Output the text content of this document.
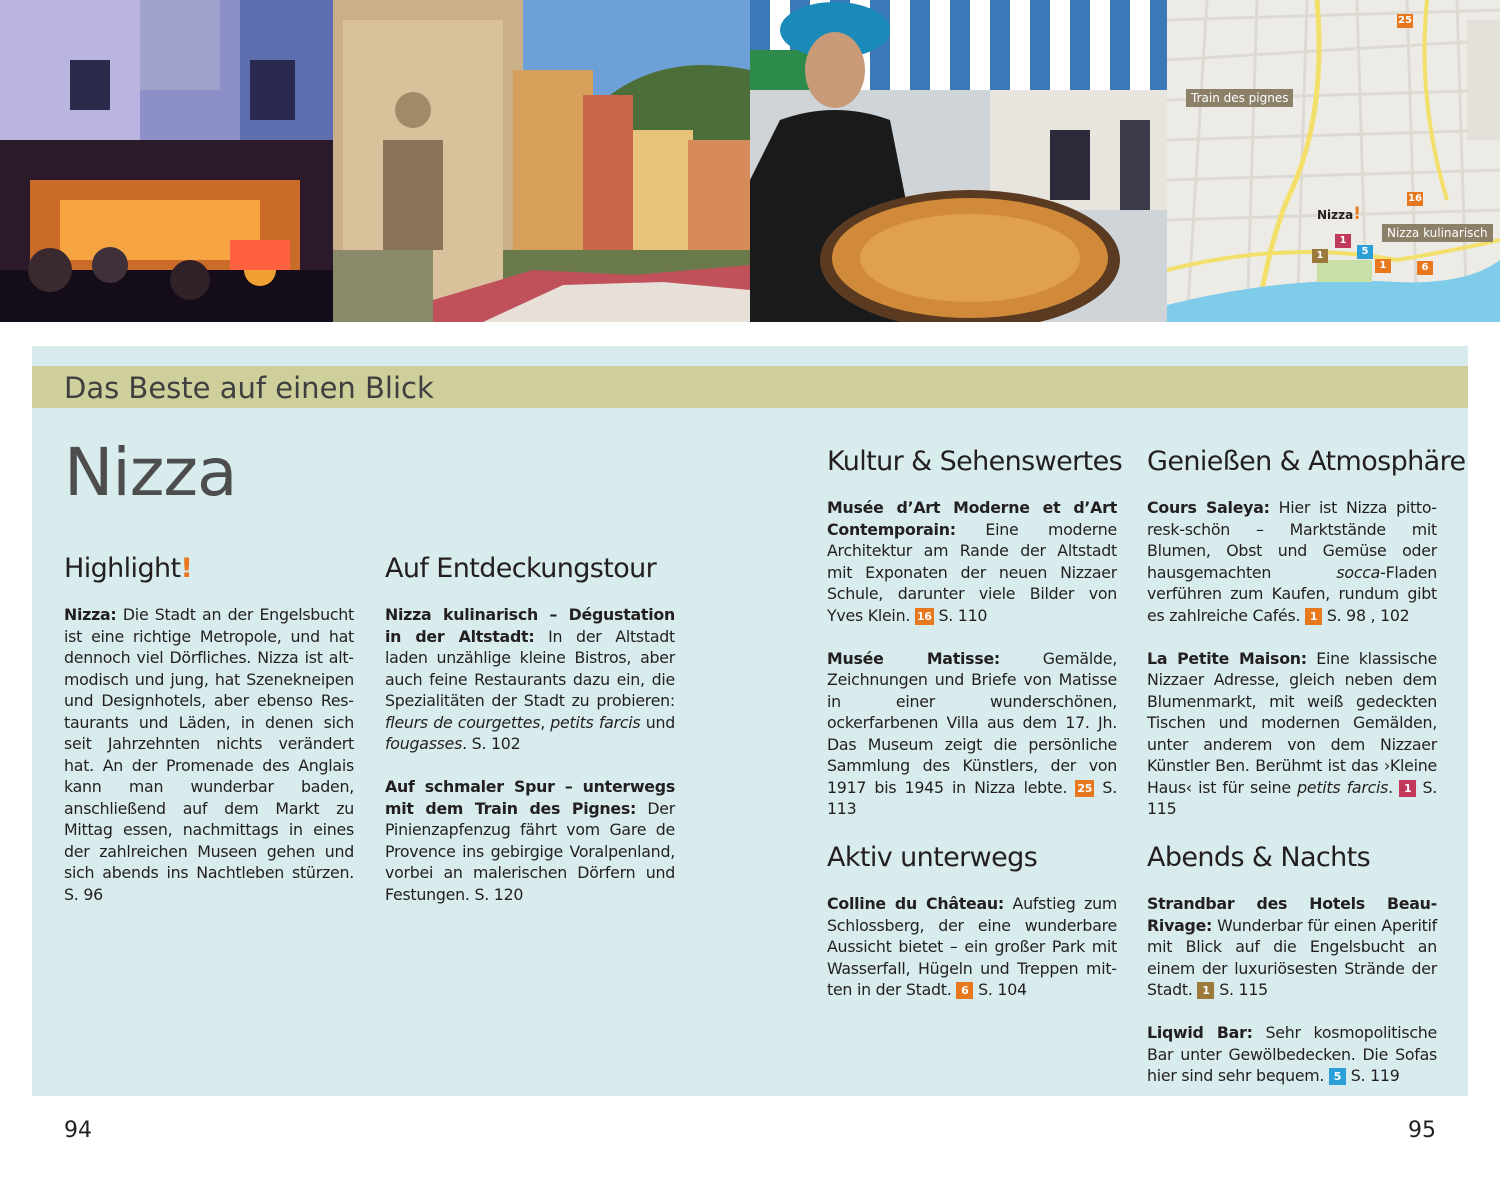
Train des pignes
Nizza kulinarisch
Nizza!
25
16
1
5
1
6
1
Das Beste auf einen Blick
Nizza
Highlight!

Nizza: Die Stadt an der Engelsbucht ist eine richtige Metropole, und hat dennoch viel Dörfliches. Nizza ist altmodisch und jung, hat Szenekneipen und Designhotels, aber ebenso Restaurants und Läden, in denen sich seit Jahrzehnten nichts verändert hat. An der Promenade des Anglais kann man wunderbar baden, anschließend auf dem Markt zu Mittag essen, nachmittags in eines der zahlreichen Museen gehen und sich abends ins Nachtleben stürzen. S. 96

Auf Entdeckungstour

Nizza kulinarisch – Dégustation in der Altstadt: In der Altstadt laden unzählige kleine Bistros, aber auch feine Restaurants dazu ein, die Spezialitäten der Stadt zu probieren: fleurs de courgettes, petits farcis und fougasses. S. 102

Auf schmaler Spur – unterwegs mit dem Train des Pignes: Der Pinienzapfenzug fährt vom Gare de Provence ins gebirgige Voralpenland, vorbei an malerischen Dörfern und Festungen. S. 120

Kultur & Sehenswertes

Musée d’Art Moderne et d’Art Contemporain: Eine moderne Architektur am Rande der Altstadt mit Exponaten der neuen Nizzaer Schule, darunter viele Bilder von Yves Klein. 16 S. 110

Musée Matisse: Gemälde, Zeichnungen und Briefe von Matisse in einer wunderschönen, ockerfarbenen Villa aus dem 17. Jh. Das Museum zeigt die persönliche Sammlung des Künstlers, der von 1917 bis 1945 in Nizza lebte. 25 S. 113

Aktiv unterwegs

Colline du Château: Aufstieg zum Schlossberg, der eine wunderbare Aussicht bietet – ein großer Park mit Wasserfall, Hügeln und Treppen mitten in der Stadt. 6 S. 104

Genießen & Atmosphäre

Cours Saleya: Hier ist Nizza pittoresk-schön – Marktstände mit Blumen, Obst und Gemüse oder hausgemachten socca-Fladen verführen zum Kaufen, rundum gibt es zahlreiche Cafés. 1 S. 98 , 102

La Petite Maison: Eine klassische Nizzaer Adresse, gleich neben dem Blumenmarkt, mit weiß gedeckten Tischen und modernen Gemälden, unter anderem von dem Nizzaer Künstler Ben. Berühmt ist das ›Kleine Haus‹ ist für seine petits farcis. 1 S. 115

Abends & Nachts

Strandbar des Hotels Beau-Rivage: Wunderbar für einen Aperitif mit Blick auf die Engelsbucht an einem der luxuriösesten Strände der Stadt. 1 S. 115

Liqwid Bar: Sehr kosmopolitische Bar unter Gewölbedecken. Die Sofas hier sind sehr bequem. 5 S. 119

94	95
